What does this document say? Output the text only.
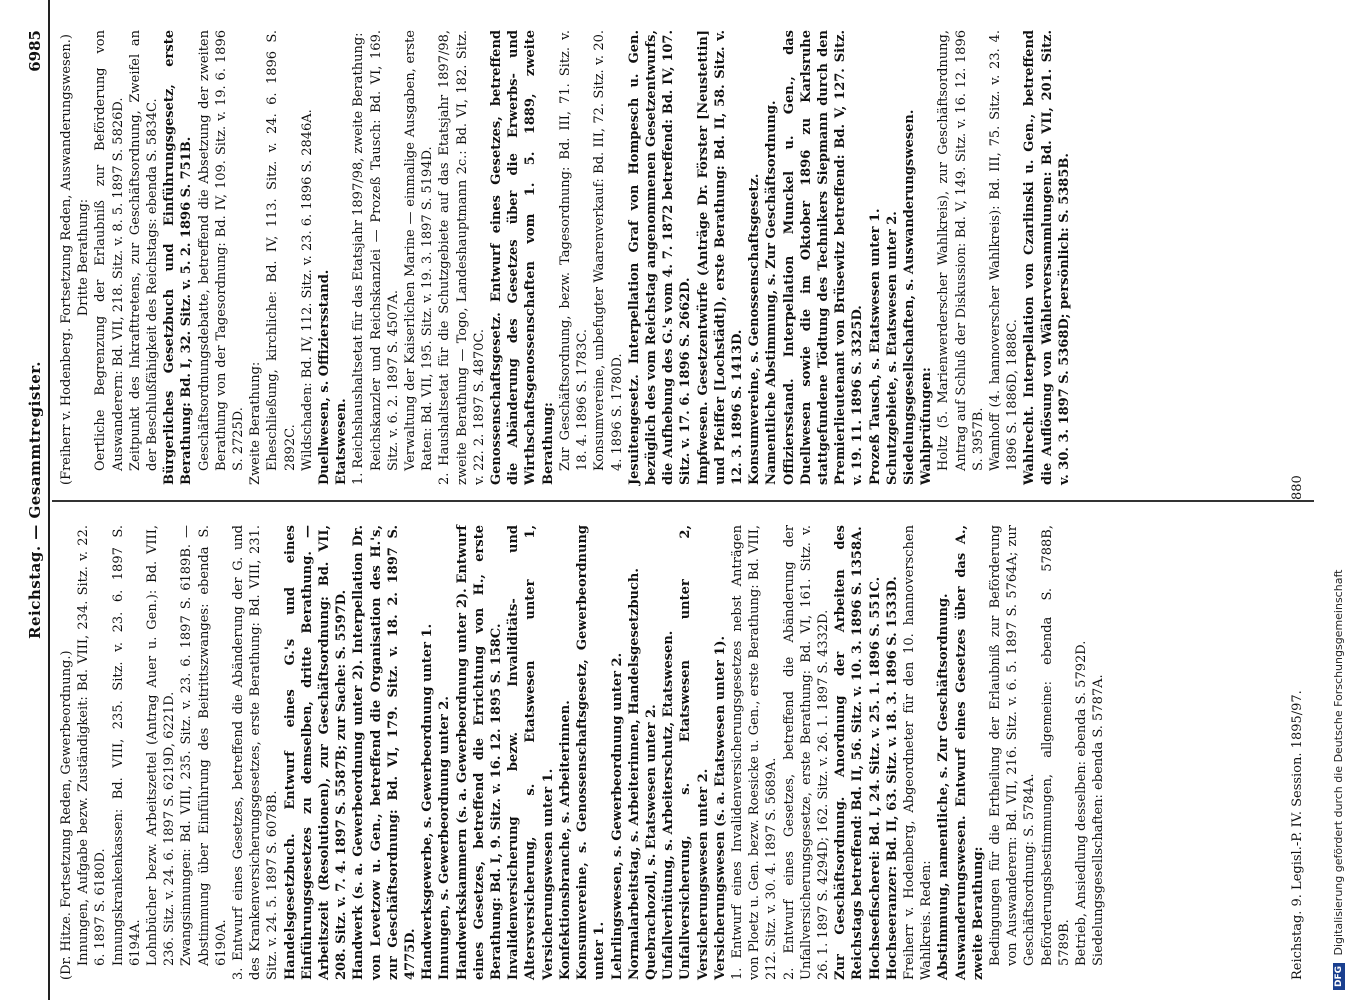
Reichstag. — Gesammtregister.
6985

(Dr. Hitze. Fortsetzung Reden, Gewerbeordnung.) Innungen, Aufgabe bezw. Zuständigkeit: Bd. VIII, 234. Sitz. v. 22. 6. 1897 S. 6180D. Innungskrankenkassen: Bd. VIII, 235. Sitz. v. 23. 6. 1897 S. 6194A. Lohnbücher bezw. Arbeitszettel (Antrag Auer u. Gen.): Bd. VIII, 236. Sitz. v. 24. 6. 1897 S. 6219D, 6221D. Zwangsinnungen: Bd. VIII, 235. Sitz. v. 23. 6. 1897 S. 6189B. — Abstimmung über Einführung des Beitrittszwanges: ebenda S. 6190A. 3. Entwurf eines Gesetzes, betreffend die Abänderung der G. und des Krankenversicherungsgesetzes, erste Berathung: Bd. VIII, 231. Sitz. v. 24. 5. 1897 S. 6078B. Handelsgesetzbuch. Entwurf eines G.'s und eines Einführungsgesetzes zu demselben, dritte Berathung. — Arbeitszeit (Resolutionen), zur Geschäftsordnung: Bd. VII, 208. Sitz. v. 7. 4. 1897 S. 5587B; zur Sache: S. 5597D. Handwerk (s. a. Gewerbeordnung unter 2). Interpellation Dr. von Levetzow u. Gen., betreffend die Organisation des H.'s, zur Geschäftsordnung: Bd. VI, 179. Sitz. v. 18. 2. 1897 S. 4775D. Handwerksgewerbe, s. Gewerbeordnung unter 1. Innungen, s. Gewerbeordnung unter 2. Handwerkskammern (s. a. Gewerbeordnung unter 2). Entwurf eines Gesetzes, betreffend die Errichtung von H., erste Berathung: Bd. I, 9. Sitz. v. 16. 12. 1895 S. 158C. Invalidenversicherung bezw. Invaliditäts- und Altersversicherung, s. Etatswesen unter 1, Versicherungswesen unter 1. Konfektionsbranche, s. Arbeiterinnen. Konsumvereine, s. Genossenschaftsgesetz, Gewerbeordnung unter 1. Lehrlingswesen, s. Gewerbeordnung unter 2. Normalarbeitstag, s. Arbeiterinnen, Handelsgesetzbuch. Quebrachozoll, s. Etatswesen unter 2. Unfallverhütung, s. Arbeiterschutz, Etatswesen. Unfallversicherung, s. Etatswesen unter 2, Versicherungswesen unter 2. Versicherungswesen (s. a. Etatswesen unter 1). 1. Entwurf eines Invalidenversicherungsgesetzes nebst Anträgen von Ploetz u. Gen. bezw. Roesicke u. Gen., erste Berathung: Bd. VIII, 212. Sitz. v. 30. 4. 1897 S. 5689A. 2. Entwurf eines Gesetzes, betreffend die Abänderung der Unfallversicherungsgesetze, erste Berathung: Bd. VI, 161. Sitz. v. 26. 1. 1897 S. 4294D; 162. Sitz. v. 26. 1. 1897 S. 4332D. Zur Geschäftsordnung. Anordnung der Arbeiten des Reichstags betreffend: Bd. II, 56. Sitz. v. 10. 3. 1896 S. 1358A. Hochseefischerei: Bd. I, 24. Sitz. v. 25. 1. 1896 S. 551C. Hochseeranzer: Bd. II, 63. Sitz. v. 18. 3. 1896 S. 1533D. Freiherr v. Hodenberg, Abgeordneter für den 10. hannoverschen Wahlkreis. Reden: Abstimmung, namentliche, s. Zur Geschäftsordnung. Auswanderungswesen. Entwurf eines Gesetzes über das A., zweite Berathung: Bedingungen für die Ertheilung der Erlaubniß zur Beförderung von Auswanderern: Bd. VII, 216. Sitz. v. 6. 5. 1897 S. 5764A; zur Geschäftsordnung: S. 5784A. Beförderungsbestimmungen, allgemeine: ebenda S. 5788B, 5789B. Betrieb, Ansiedlung desselben: ebenda S. 5792D. Siedelungsgesellschaften: ebenda S. 5787A.

(Freiherr v. Hodenberg. Fortsetzung Reden, Auswanderungswesen.) Dritte Berathung: Oertliche Begrenzung der Erlaubniß zur Beförderung von Auswanderern: Bd. VII, 218. Sitz. v. 8. 5. 1897 S. 5826D. Zeitpunkt des Inkrafttretens, zur Geschäftsordnung, Zweifel an der Beschlußfähigkeit des Reichstags: ebenda S. 5834C. Bürgerliches Gesetzbuch und Einführungsgesetz, erste Berathung: Bd. I, 32. Sitz. v. 5. 2. 1896 S. 751B. Geschäftsordnungsdebatte, betreffend die Absetzung der zweiten Berathung von der Tagesordnung: Bd. IV, 109. Sitz. v. 19. 6. 1896 S. 2725D. Zweite Berathung: Eheschließung, kirchliche: Bd. IV, 113. Sitz. v. 24. 6. 1896 S. 2892C. Wildschaden: Bd. IV, 112. Sitz. v. 23. 6. 1896 S. 2846A. Duellwesen, s. Offiziersstand. Etatswesen. 1. Reichshaushaltsetat für das Etatsjahr 1897/98, zweite Berathung: Reichskanzler und Reichskanzlei — Prozeß Tausch: Bd. VI, 169. Sitz. v. 6. 2. 1897 S. 4507A. Verwaltung der Kaiserlichen Marine — einmalige Ausgaben, erste Raten: Bd. VII, 195. Sitz. v. 19. 3. 1897 S. 5194D. 2. Haushaltsetat für die Schutzgebiete auf das Etatsjahr 1897/98, zweite Berathung — Togo, Landeshauptmann 2c.: Bd. VI, 182. Sitz. v. 22. 2. 1897 S. 4870C. Genossenschaftsgesetz. Entwurf eines Gesetzes, betreffend die Abänderung des Gesetzes über die Erwerbs- und Wirthschaftsgenossenschaften vom 1. 5. 1889, zweite Berathung: Zur Geschäftsordnung, bezw. Tagesordnung: Bd. III, 71. Sitz. v. 18. 4. 1896 S. 1783C. Konsumvereine, unbefugter Waarenverkauf: Bd. III, 72. Sitz. v. 20. 4. 1896 S. 1780D. Jesuitengesetz. Interpellation Graf von Hompesch u. Gen. bezüglich des vom Reichstag angenommenen Gesetzentwurfs, die Aufhebung des G.'s vom 4. 7. 1872 betreffend: Bd. IV, 107. Sitz. v. 17. 6. 1896 S. 2662D. Impfwesen. Gesetzentwürfe (Anträge Dr. Förster [Neustettin] und Pfeiffer [Lochstädt]), erste Berathung: Bd. II, 58. Sitz. v. 12. 3. 1896 S. 1413D. Konsumvereine, s. Genossenschaftsgesetz. Namentliche Abstimmung, s. Zur Geschäftsordnung. Offiziersstand. Interpellation Munckel u. Gen., das Duellwesen sowie die im Oktober 1896 zu Karlsruhe stattgefundene Tödtung des Technikers Siepmann durch den Premierlieutenant von Brüsewitz betreffend: Bd. V, 127. Sitz. v. 19. 11. 1896 S. 3325D. Prozeß Tausch, s. Etatswesen unter 1. Schutzgebiete, s. Etatswesen unter 2. Siedelungsgesellschaften, s. Auswanderungswesen. Wahlprüfungen: Holtz (5. Marienwerderscher Wahlkreis), zur Geschäftsordnung, Antrag auf Schluß der Diskussion: Bd. V, 149. Sitz. v. 16. 12. 1896 S. 3957B. Wamhoff (4. hannoverscher Wahlkreis): Bd. III, 75. Sitz. v. 23. 4. 1896 S. 1886D, 1888C. Wahlrecht. Interpellation von Czarlinski u. Gen., betreffend die Auflösung von Wählerversammlungen: Bd. VII, 201. Sitz. v. 30. 3. 1897 S. 5368D; persönlich: S. 5385B.

Reichstag. 9. Legisl.-P. IV. Session. 1895/97.
880
DFG Digitalisierung gefördert durch die Deutsche Forschungsgemeinschaft
